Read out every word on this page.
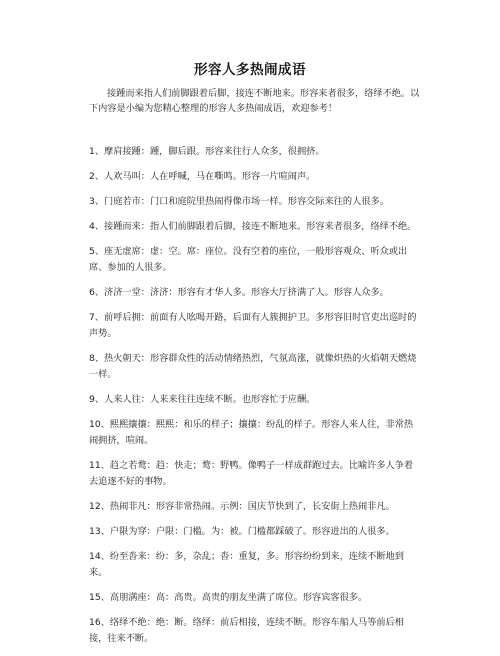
形容人多热闹成语
接踵而来指人们前脚跟着后脚，接连不断地来。形容来者很多，络绎不绝。以下内容是小编为您精心整理的形容人多热闹成语，欢迎参考！

1、摩肩接踵：踵，脚后跟。形容来往行人众多，很拥挤。

2、人欢马叫：人在呼喊，马在嘶鸣。形容一片喧闹声。

3、门庭若市：门口和庭院里热闹得像市场一样。形容交际来往的人很多。

4、接踵而来：指人们前脚跟着后脚，接连不断地来。形容来者很多，络绎不绝。

5、座无虚席：虚：空。席：座位。没有空着的座位，一般形容观众、听众或出席、参加的人很多。

6、济济一堂：济济：形容有才华人多。形容大厅挤满了人。形容人众多。

7、前呼后拥：前面有人吆喝开路，后面有人簇拥护卫。多形容旧时官吏出巡时的声势。

8、热火朝天：形容群众性的活动情绪热烈，气氛高涨，就像炽热的火焰朝天燃烧一样。

9、人来人往：人来来往往连续不断。也形容忙于应酬。

10、熙熙攘攘：熙熙：和乐的样子；攘攘：纷乱的样子。形容人来人往，非常热闹拥挤，喧闹。

11、趋之若鹜：趋：快走；鹜：野鸭。像鸭子一样成群跑过去。比喻许多人争着去追逐不好的事物。

12、热闹非凡：形容非常热闹。示例：国庆节快到了，长安街上热闹非凡。

13、户限为穿：户限：门槛。为：被。门槛都踩破了。形容进出的人很多。

14、纷至沓来：纷：多，杂乱；沓：重复，多。形容纷纷到来，连续不断地到来。

15、高朋满座：高：高贵。高贵的朋友坐满了席位。形容宾客很多。

16、络绎不绝：绝：断。络绎：前后相接，连续不断。形容车船人马等前后相接，往来不断。
